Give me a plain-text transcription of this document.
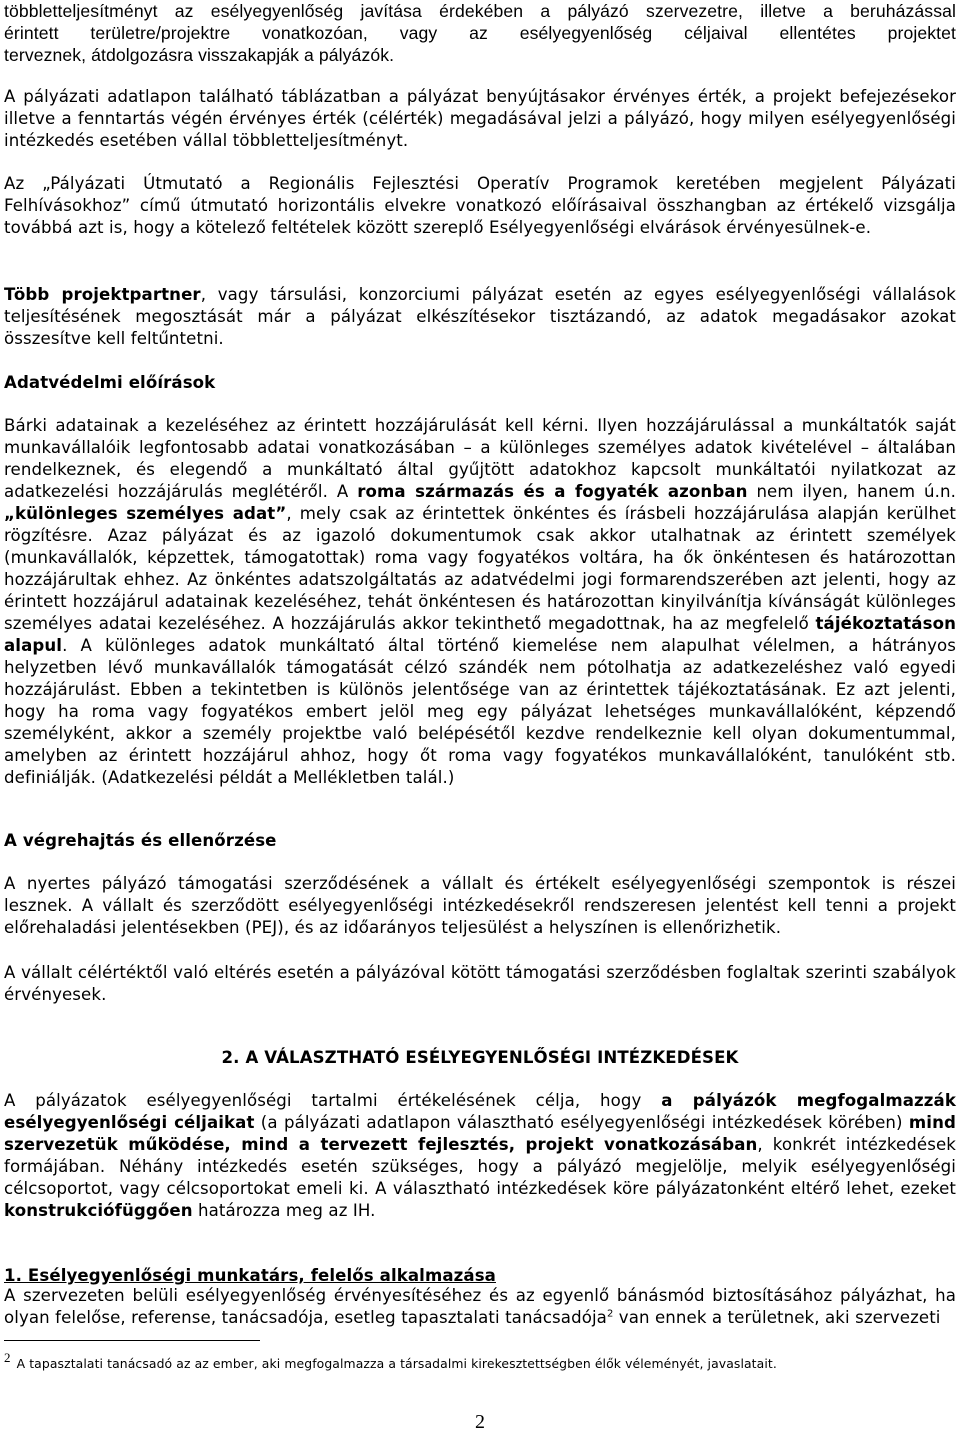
többletteljesítményt az esélyegyenlőség javítása érdekében a pályázó szervezetre, illetve a beruházással
érintett területre/projektre vonatkozóan, vagy az esélyegyenlőség céljaival ellentétes projektet
terveznek, átdolgozásra visszakapják a pályázók.

A pályázati adatlapon található táblázatban a pályázat benyújtásakor érvényes érték, a projekt befejezésekor illetve a fenntartás végén érvényes érték (célérték) megadásával jelzi a pályázó, hogy milyen esélyegyenlőségi intézkedés esetében vállal többletteljesítményt.

Az „Pályázati Útmutató a Regionális Fejlesztési Operatív Programok keretében megjelent Pályázati Felhívásokhoz” című útmutató horizontális elvekre vonatkozó előírásaival összhangban az értékelő vizsgálja továbbá azt is, hogy a kötelező feltételek között szereplő Esélyegyenlőségi elvárások érvényesülnek-e.

Több projektpartner, vagy társulási, konzorciumi pályázat esetén az egyes esélyegyenlőségi vállalások teljesítésének megosztását már a pályázat elkészítésekor tisztázandó, az adatok megadásakor azokat összesítve kell feltűntetni.

Adatvédelmi előírások

Bárki adatainak a kezeléséhez az érintett hozzájárulását kell kérni. Ilyen hozzájárulással a munkáltatók saját munkavállalóik legfontosabb adatai vonatkozásában – a különleges személyes adatok kivételével – általában rendelkeznek, és elegendő a munkáltató által gyűjtött adatokhoz kapcsolt munkáltatói nyilatkozat az adatkezelési hozzájárulás meglétéről. A roma származás és a fogyaték azonban nem ilyen, hanem ú.n. „különleges személyes adat”, mely csak az érintettek önkéntes és írásbeli hozzájárulása alapján kerülhet rögzítésre. Azaz pályázat és az igazoló dokumentumok csak akkor utalhatnak az érintett személyek (munkavállalók, képzettek, támogatottak) roma vagy fogyatékos voltára, ha ők önkéntesen és határozottan hozzájárultak ehhez. Az önkéntes adatszolgáltatás az adatvédelmi jogi formarendszerében azt jelenti, hogy az érintett hozzájárul adatainak kezeléséhez, tehát önkéntesen és határozottan kinyilvánítja kívánságát különleges személyes adatai kezeléséhez. A hozzájárulás akkor tekinthető megadottnak, ha az megfelelő tájékoztatáson alapul. A különleges adatok munkáltató által történő kiemelése nem alapulhat vélelmen, a hátrányos helyzetben lévő munkavállalók támogatását célzó szándék nem pótolhatja az adatkezeléshez való egyedi hozzájárulást. Ebben a tekintetben is különös jelentősége van az érintettek tájékoztatásának. Ez azt jelenti, hogy ha roma vagy fogyatékos embert jelöl meg egy pályázat lehetséges munkavállalóként, képzendő személyként, akkor a személy projektbe való belépésétől kezdve rendelkeznie kell olyan dokumentummal, amelyben az érintett hozzájárul ahhoz, hogy őt roma vagy fogyatékos munkavállalóként, tanulóként stb. definiálják. (Adatkezelési példát a Mellékletben talál.)

A végrehajtás és ellenőrzése

A nyertes pályázó támogatási szerződésének a vállalt és értékelt esélyegyenlőségi szempontok is részei lesznek. A vállalt és szerződött esélyegyenlőségi intézkedésekről rendszeresen jelentést kell tenni a projekt előrehaladási jelentésekben (PEJ), és az időarányos teljesülést a helyszínen is ellenőrizhetik.

A vállalt célértéktől való eltérés esetén a pályázóval kötött támogatási szerződésben foglaltak szerinti szabályok érvényesek.

2. A VÁLASZTHATÓ ESÉLYEGYENLŐSÉGI INTÉZKEDÉSEK

A pályázatok esélyegyenlőségi tartalmi értékelésének célja, hogy a pályázók megfogalmazzák esélyegyenlőségi céljaikat (a pályázati adatlapon választható esélyegyenlőségi intézkedések körében) mind szervezetük működése, mind a tervezett fejlesztés, projekt vonatkozásában, konkrét intézkedések formájában. Néhány intézkedés esetén szükséges, hogy a pályázó megjelölje, melyik esélyegyenlőségi célcsoportot, vagy célcsoportokat emeli ki. A választható intézkedések köre pályázatonként eltérő lehet, ezeket konstrukciófüggően határozza meg az IH.

1. Esélyegyenlőségi munkatárs, felelős alkalmazása

A szervezeten belüli esélyegyenlőség érvényesítéséhez és az egyenlő bánásmód biztosításához pályázhat, ha olyan felelőse, referense, tanácsadója, esetleg tapasztalati tanácsadója$^2$ van ennek a területnek, aki szervezeti

2 A tapasztalati tanácsadó az az ember, aki megfogalmazza a társadalmi kirekesztettségben élők véleményét, javaslatait.
2
